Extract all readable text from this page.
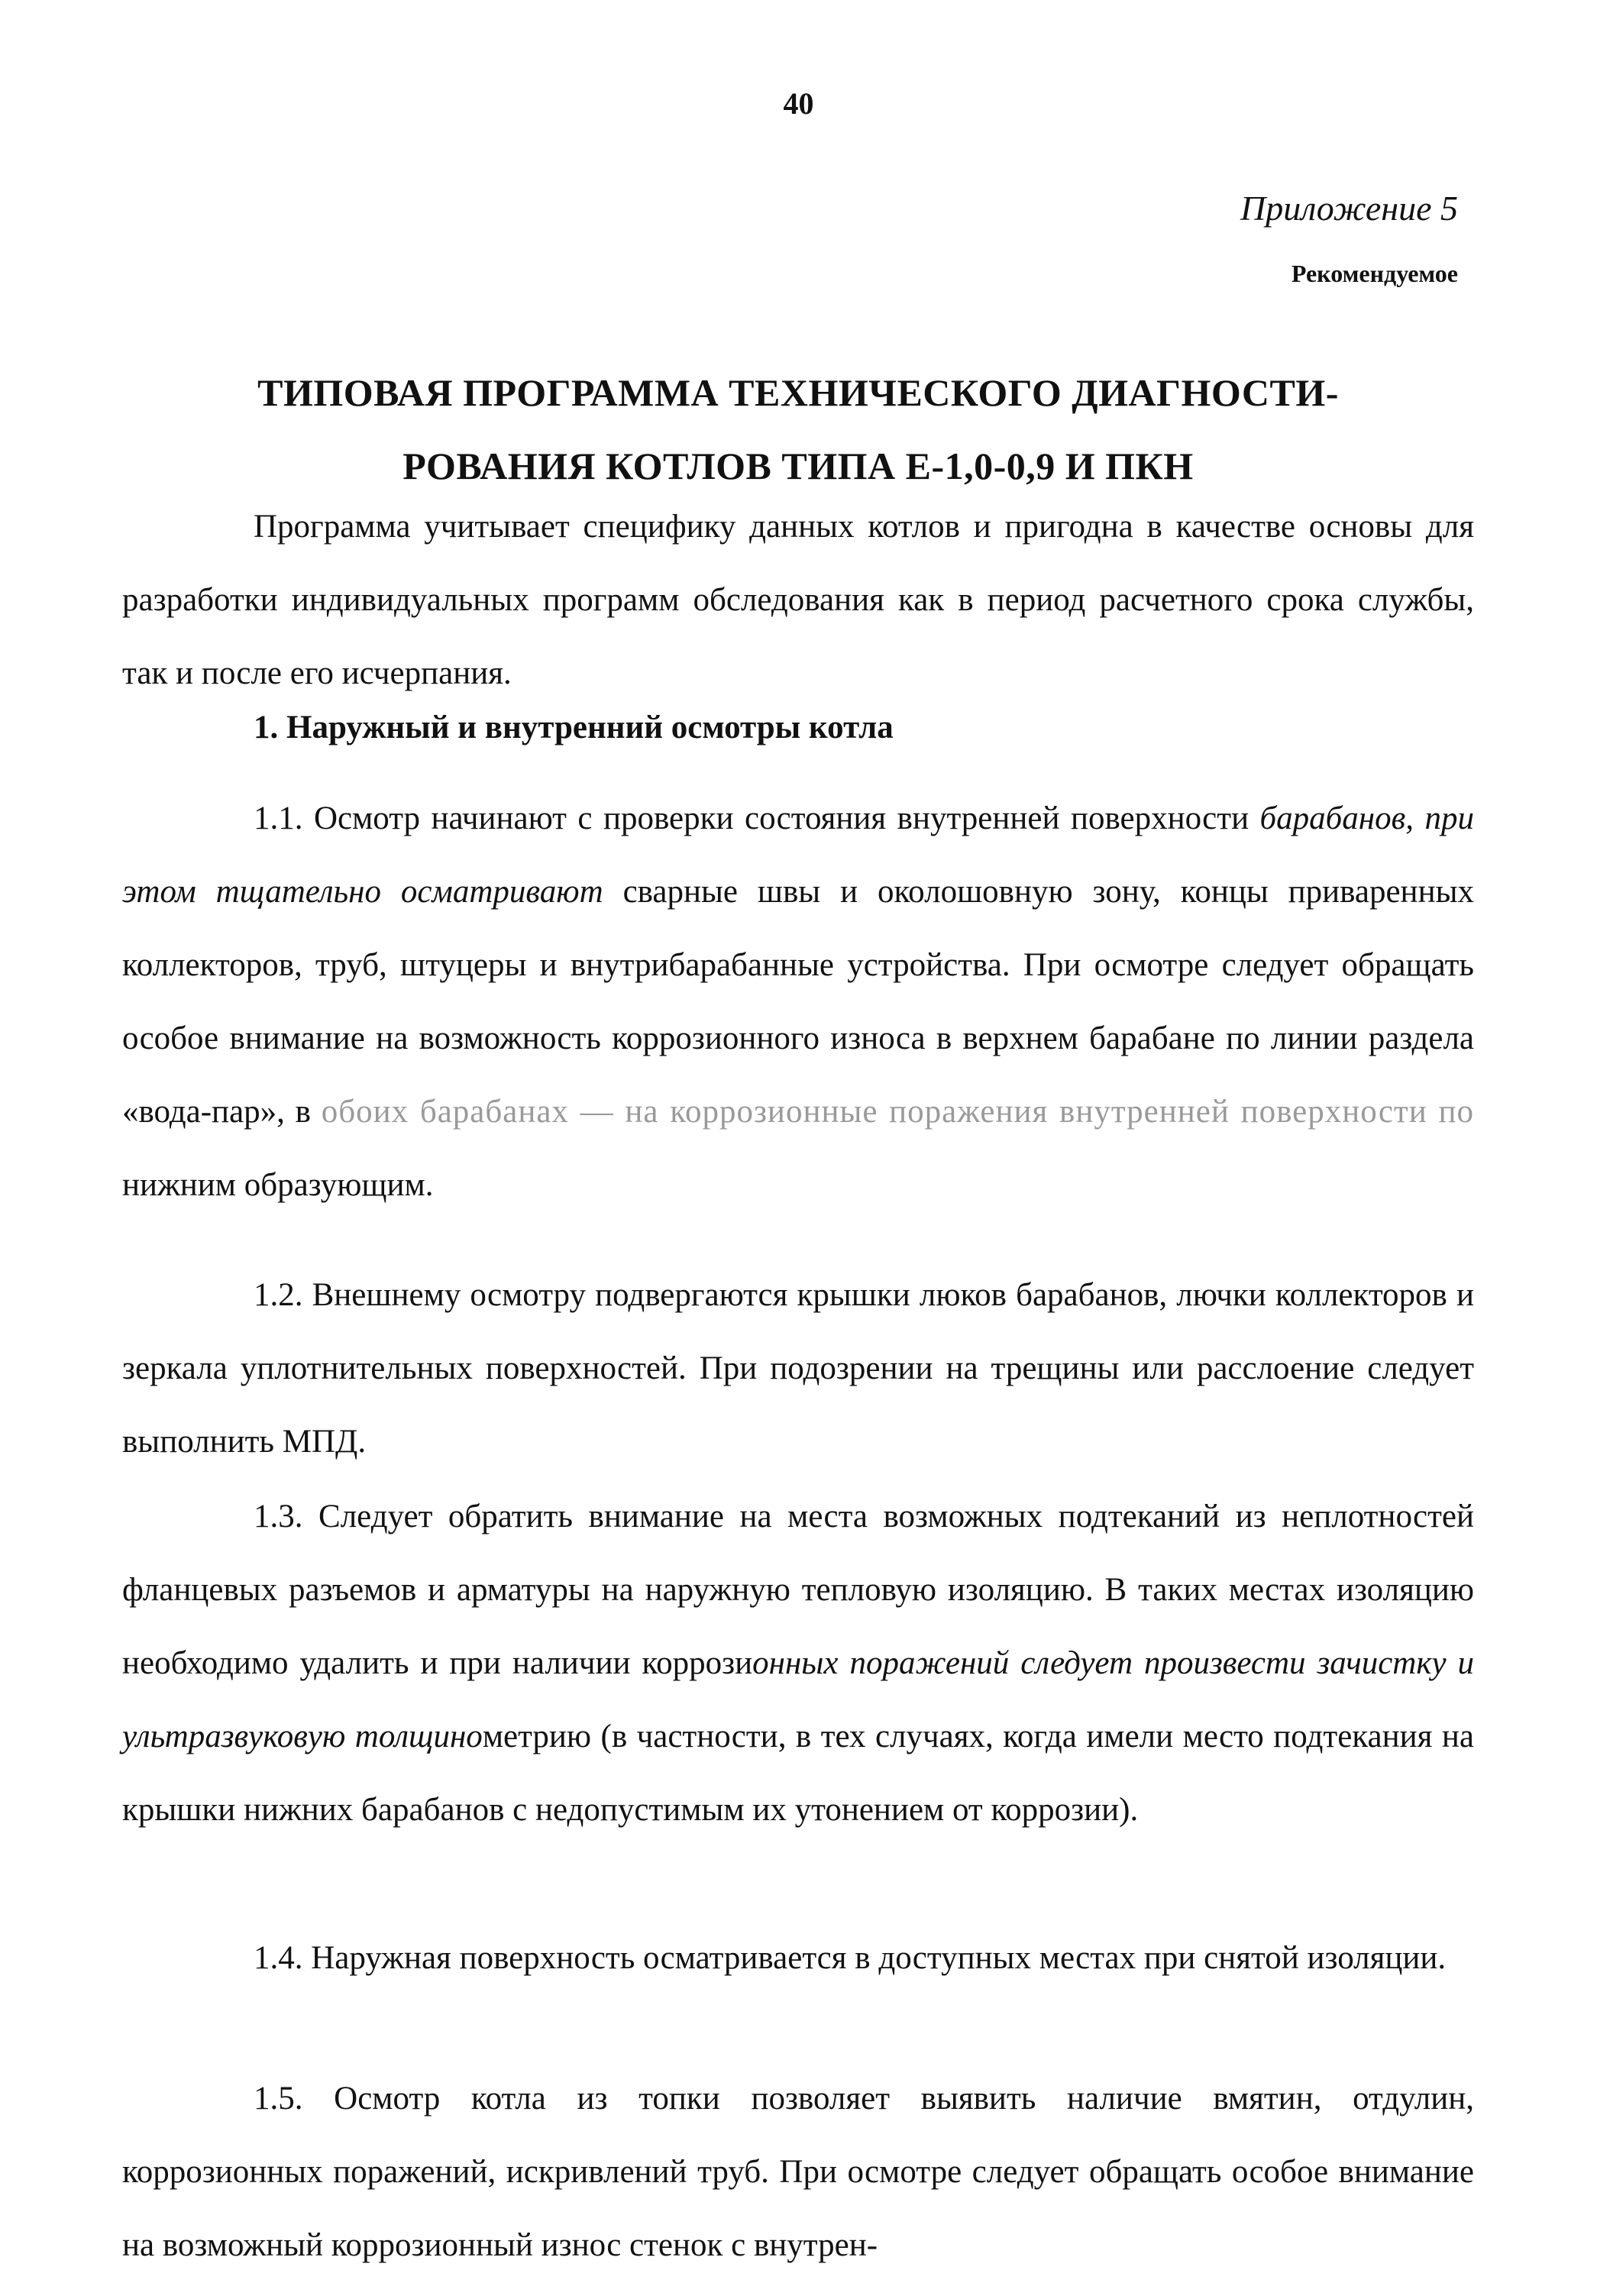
40
Приложение 5
Рекомендуемое
ТИПОВАЯ ПРОГРАММА ТЕХНИЧЕСКОГО ДИАГНОСТИ-
РОВАНИЯ КОТЛОВ ТИПА Е-1,0-0,9 И ПКН
Программа учитывает специфику данных котлов и пригодна в качестве основы для разработки индивидуальных программ обследования как в период расчетного срока службы, так и после его исчерпания.
1. Наружный и внутренний осмотры котла
1.1. Осмотр начинают с проверки состояния внутренней поверхности барабанов, при этом тщательно осматривают сварные швы и околошовную зону, концы приваренных коллекторов, труб, штуцеры и внутрибарабанные устройства. При осмотре следует обращать особое внимание на возможность коррозионного износа в верхнем барабане по линии раздела «вода-пар», в обоих барабанах — на коррозионные поражения внутренней поверхности по нижним образующим.
1.2. Внешнему осмотру подвергаются крышки люков барабанов, лючки коллекторов и зеркала уплотнительных поверхностей. При подозрении на трещины или расслоение следует выполнить МПД.
1.3. Следует обратить внимание на места возможных подтеканий из неплотностей фланцевых разъемов и арматуры на наружную тепловую изоляцию. В таких местах изоляцию необходимо удалить и при наличии коррозионных поражений следует произвести зачистку и ультразвуковую толщинометрию (в частности, в тех случаях, когда имели место подтекания на крышки нижних барабанов с недопустимым их утонением от коррозии).
1.4. Наружная поверхность осматривается в доступных местах при снятой изоляции.
1.5. Осмотр котла из топки позволяет выявить наличие вмятин, отдулин, коррозионных поражений, искривлений труб. При осмотре следует обращать особое внимание на возможный коррозионный износ стенок с внутрен-
